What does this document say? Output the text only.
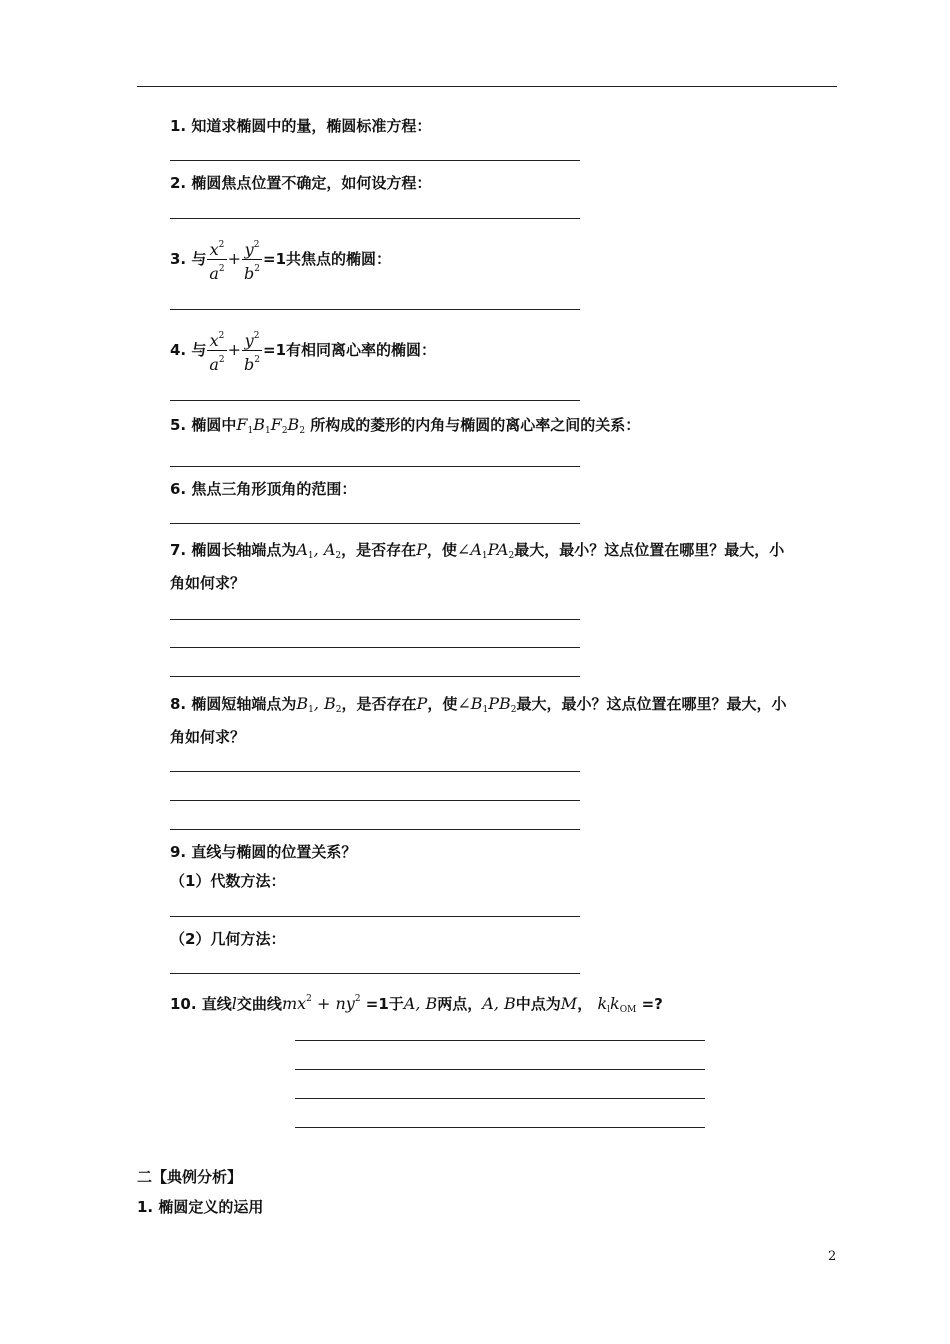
1. 知道求椭圆中的量，椭圆标准方程：
2. 椭圆焦点位置不确定，如何设方程：
3. 与 $\frac{x^2}{a^2} + \frac{y^2}{b^2} =1$共焦点的椭圆：
4. 与 $\frac{x^2}{a^2} + \frac{y^2}{b^2} =1$有相同离心率的椭圆：
5. 椭圆中$F_1B_1F_2B_2$ 所构成的菱形的内角与椭圆的离心率之间的关系：
6. 焦点三角形顶角的范围：
7. 椭圆长轴端点为$A_1$, $A_2$，是否存在P，使$\angle A_1PA_2$最大，最小？这点位置在哪里？最大，小
角如何求？
8. 椭圆短轴端点为$B_1$, $B_2$，是否存在P，使$\angle B_1PB_2$最大，最小？这点位置在哪里？最大，小
角如何求？
9. 直线与椭圆的位置关系？
（1）代数方法：
（2）几何方法：
10. 直线l交曲线$mx^2 + ny^2 =1$于A, B两点，A, B中点为M， $k_lk_{OM}$ =?
二【典例分析】
1. 椭圆定义的运用
2
